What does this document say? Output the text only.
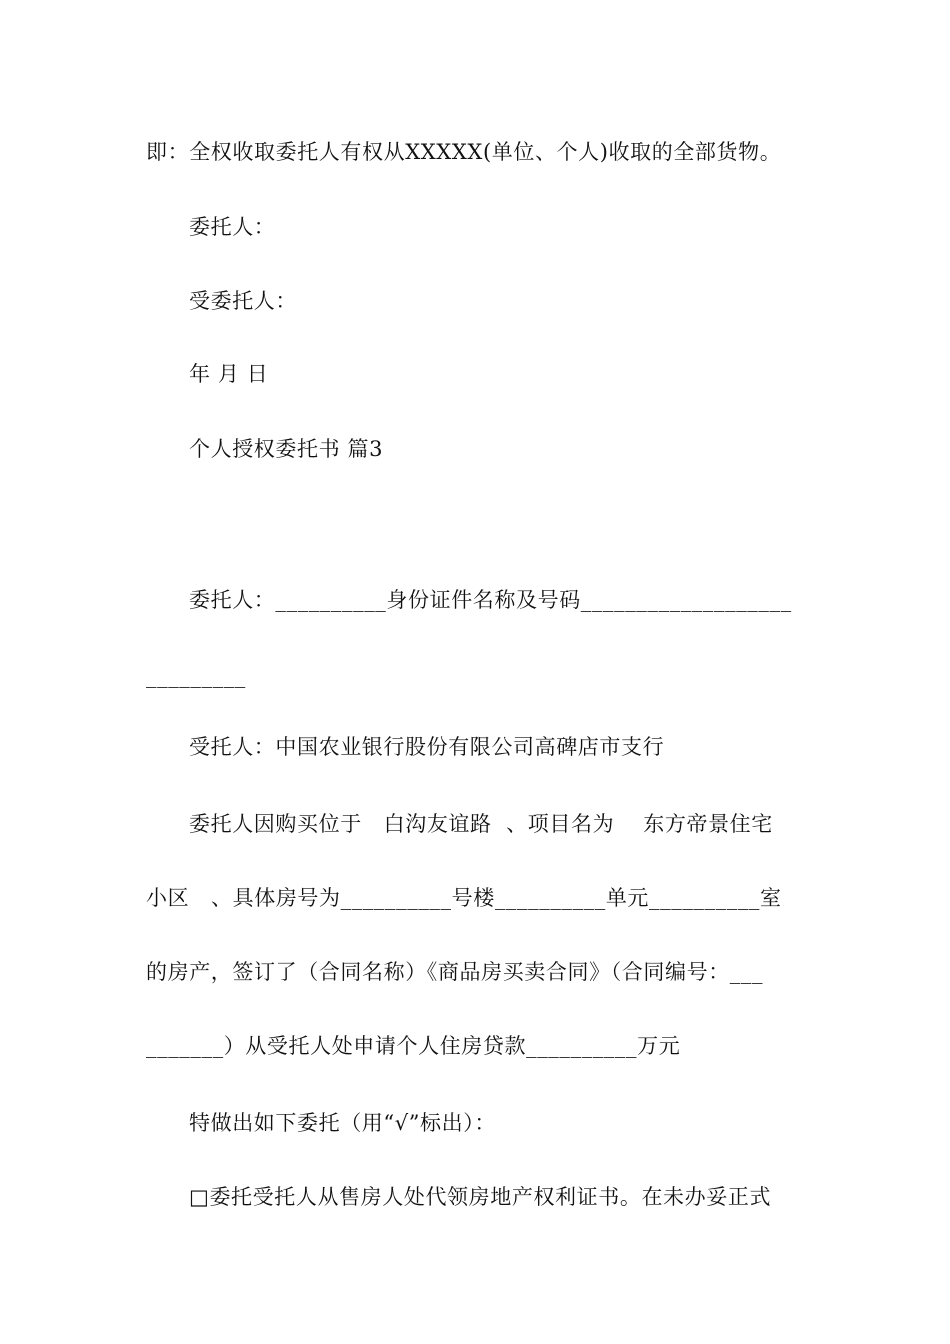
即：全权收取委托人有权从XXXXX(单位、个人)收取的全部货物。
委托人：
受委托人：
年 月 日
个人授权委托书 篇3
委托人：__________身份证件名称及号码___________________
_________
受托人：中国农业银行股份有限公司高碑店市支行
委托人因购买位于   白沟友谊路  、项目名为    东方帝景住宅
小区   、具体房号为__________号楼__________单元__________室
的房产，签订了（合同名称）《商品房买卖合同》（合同编号：___
_______）从受托人处申请个人住房贷款__________万元
特做出如下委托（用“√”标出）：
□委托受托人从售房人处代领房地产权利证书。在未办妥正式
